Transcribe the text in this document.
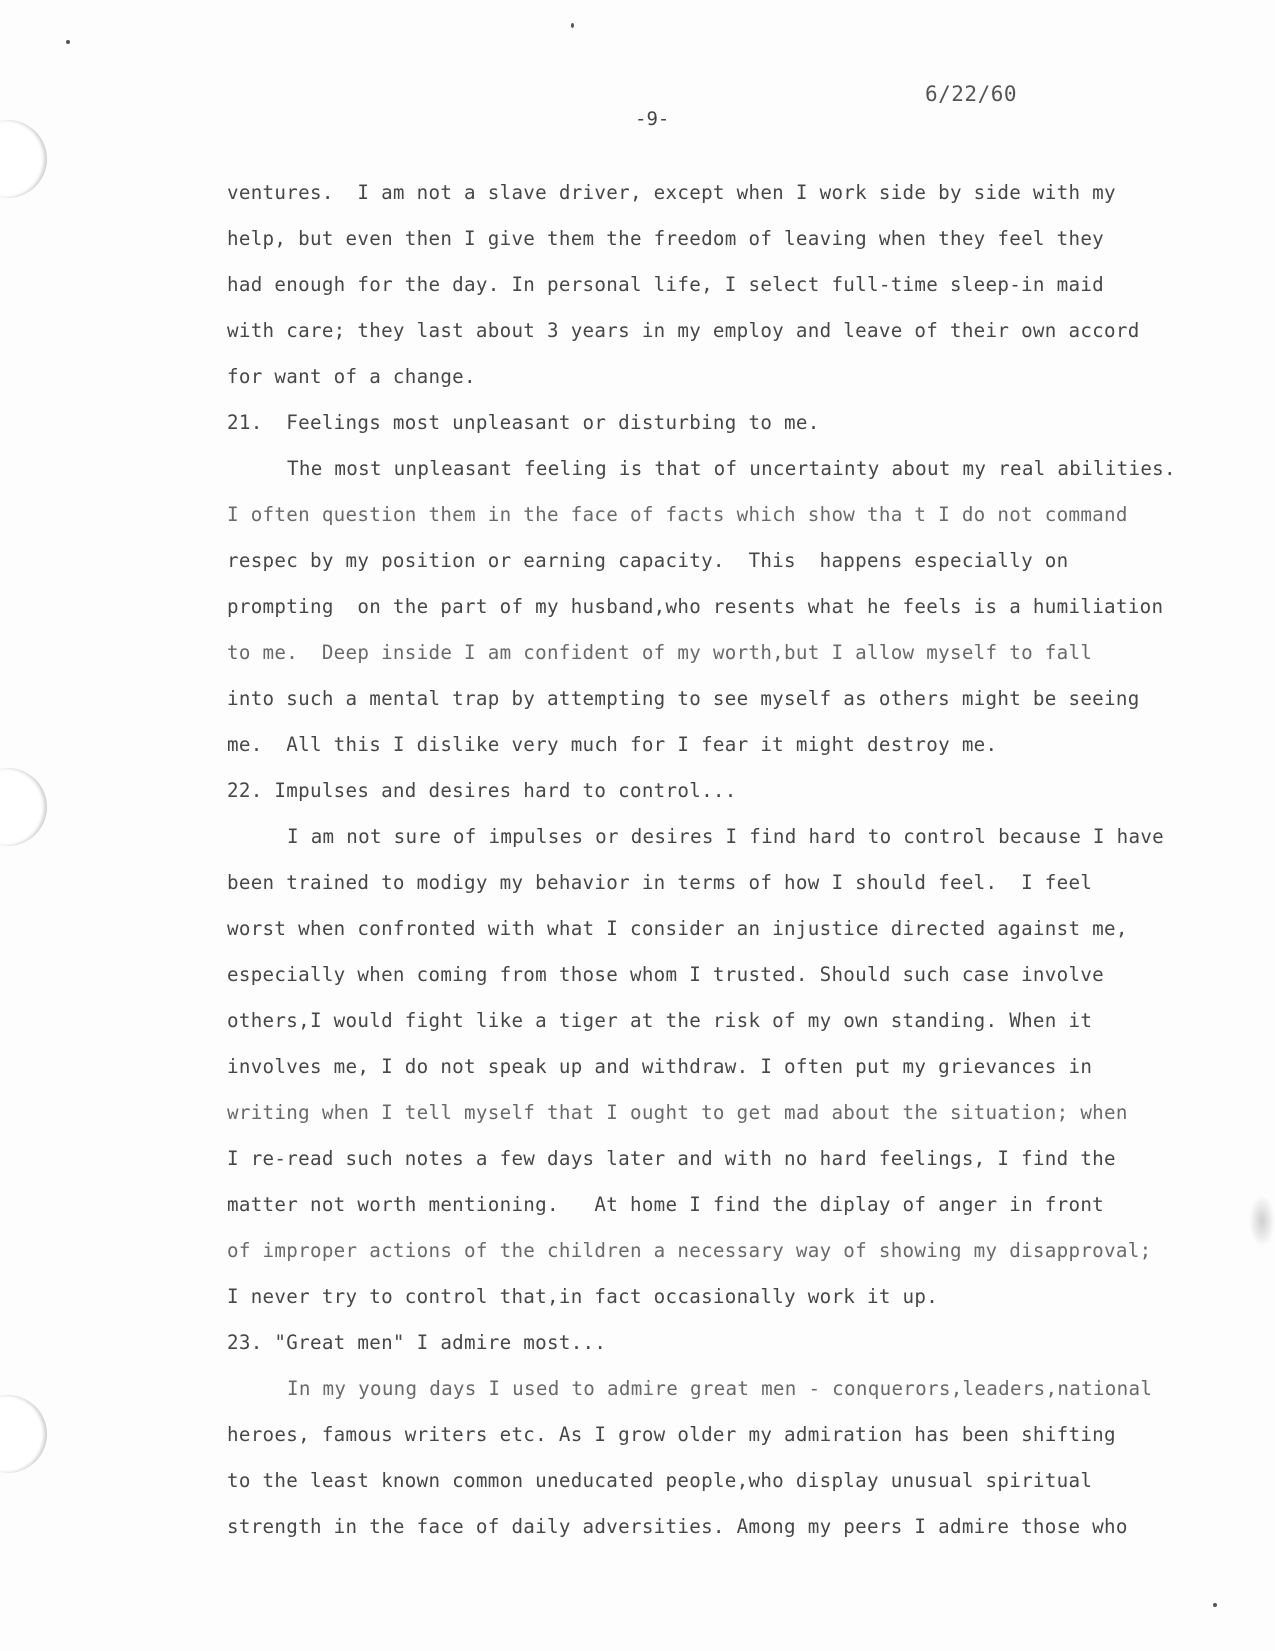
6/22/60
-9-
ventures.  I am not a slave driver, except when I work side by side with my
help, but even then I give them the freedom of leaving when they feel they
had enough for the day. In personal life, I select full-time sleep-in maid
with care; they last about 3 years in my employ and leave of their own accord
for want of a change.
21.  Feelings most unpleasant or disturbing to me.
The most unpleasant feeling is that of uncertainty about my real abilities.
I often question them in the face of facts which show tha t I do not command
respec by my position or earning capacity.  This  happens especially on
prompting  on the part of my husband,who resents what he feels is a humiliation
to me.  Deep inside I am confident of my worth,but I allow myself to fall
into such a mental trap by attempting to see myself as others might be seeing
me.  All this I dislike very much for I fear it might destroy me.
22. Impulses and desires hard to control...
I am not sure of impulses or desires I find hard to control because I have
been trained to modigy my behavior in terms of how I should feel.  I feel
worst when confronted with what I consider an injustice directed against me,
especially when coming from those whom I trusted. Should such case involve
others,I would fight like a tiger at the risk of my own standing. When it
involves me, I do not speak up and withdraw. I often put my grievances in
writing when I tell myself that I ought to get mad about the situation; when
I re-read such notes a few days later and with no hard feelings, I find the
matter not worth mentioning.   At home I find the diplay of anger in front
of improper actions of the children a necessary way of showing my disapproval;
I never try to control that,in fact occasionally work it up.
23. "Great men" I admire most...
In my young days I used to admire great men - conquerors,leaders,national
heroes, famous writers etc. As I grow older my admiration has been shifting
to the least known common uneducated people,who display unusual spiritual
strength in the face of daily adversities. Among my peers I admire those who
